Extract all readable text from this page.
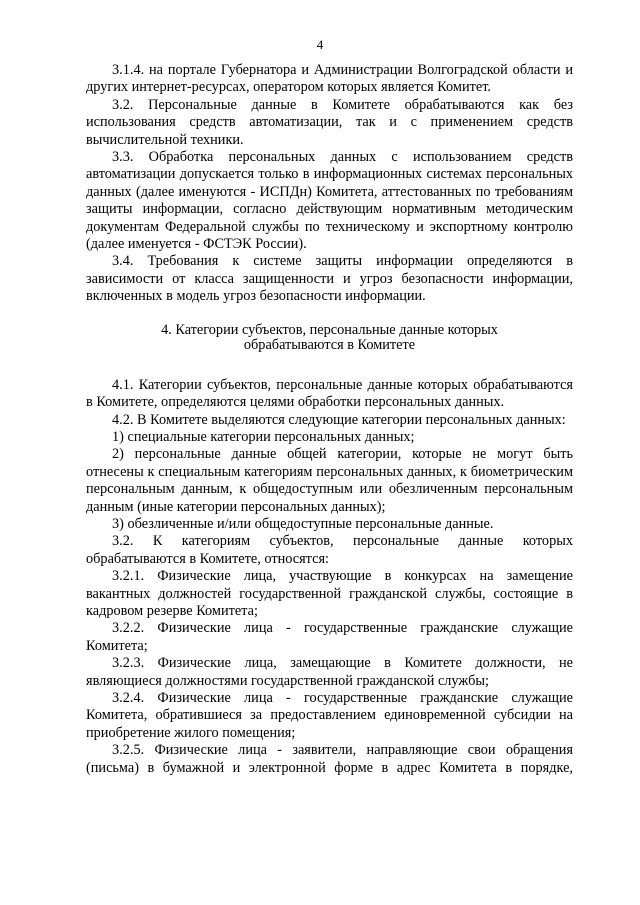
4

3.1.4. на портале Губернатора и Администрации Волгоградской области и других интернет-ресурсах, оператором которых является Комитет.

3.2. Персональные данные в Комитете обрабатываются как без использования средств автоматизации, так и с применением средств вычислительной техники.

3.3. Обработка персональных данных с использованием средств автоматизации допускается только в информационных системах персональных данных (далее именуются - ИСПДн) Комитета, аттестованных по требованиям защиты информации, согласно действующим нормативным методическим документам Федеральной службы по техническому и экспортному контролю (далее именуется - ФСТЭК России).

3.4. Требования к системе защиты информации определяются в зависимости от класса защищенности и угроз безопасности информации, включенных в модель угроз безопасности информации.

4. Категории субъектов, персональные данные которых
обрабатываются в Комитете

4.1. Категории субъектов, персональные данные которых обрабатываются в Комитете, определяются целями обработки персональных данных.

4.2. В Комитете выделяются следующие категории персональных данных:

1) специальные категории персональных данных;

2) персональные данные общей категории, которые не могут быть отнесены к специальным категориям персональных данных, к биометрическим персональным данным, к общедоступным или обезличенным персональным данным (иные категории персональных данных);

3) обезличенные и/или общедоступные персональные данные.

3.2. К категориям субъектов, персональные данные которых обрабатываются в Комитете, относятся:

3.2.1. Физические лица, участвующие в конкурсах на замещение вакантных должностей государственной гражданской службы, состоящие в кадровом резерве Комитета;

3.2.2. Физические лица - государственные гражданские служащие Комитета;

3.2.3. Физические лица, замещающие в Комитете должности, не являющиеся должностями государственной гражданской службы;

3.2.4. Физические лица - государственные гражданские служащие Комитета, обратившиеся за предоставлением единовременной субсидии на приобретение жилого помещения;

3.2.5. Физические лица - заявители, направляющие свои обращения (письма) в бумажной и электронной форме в адрес Комитета в порядке,
